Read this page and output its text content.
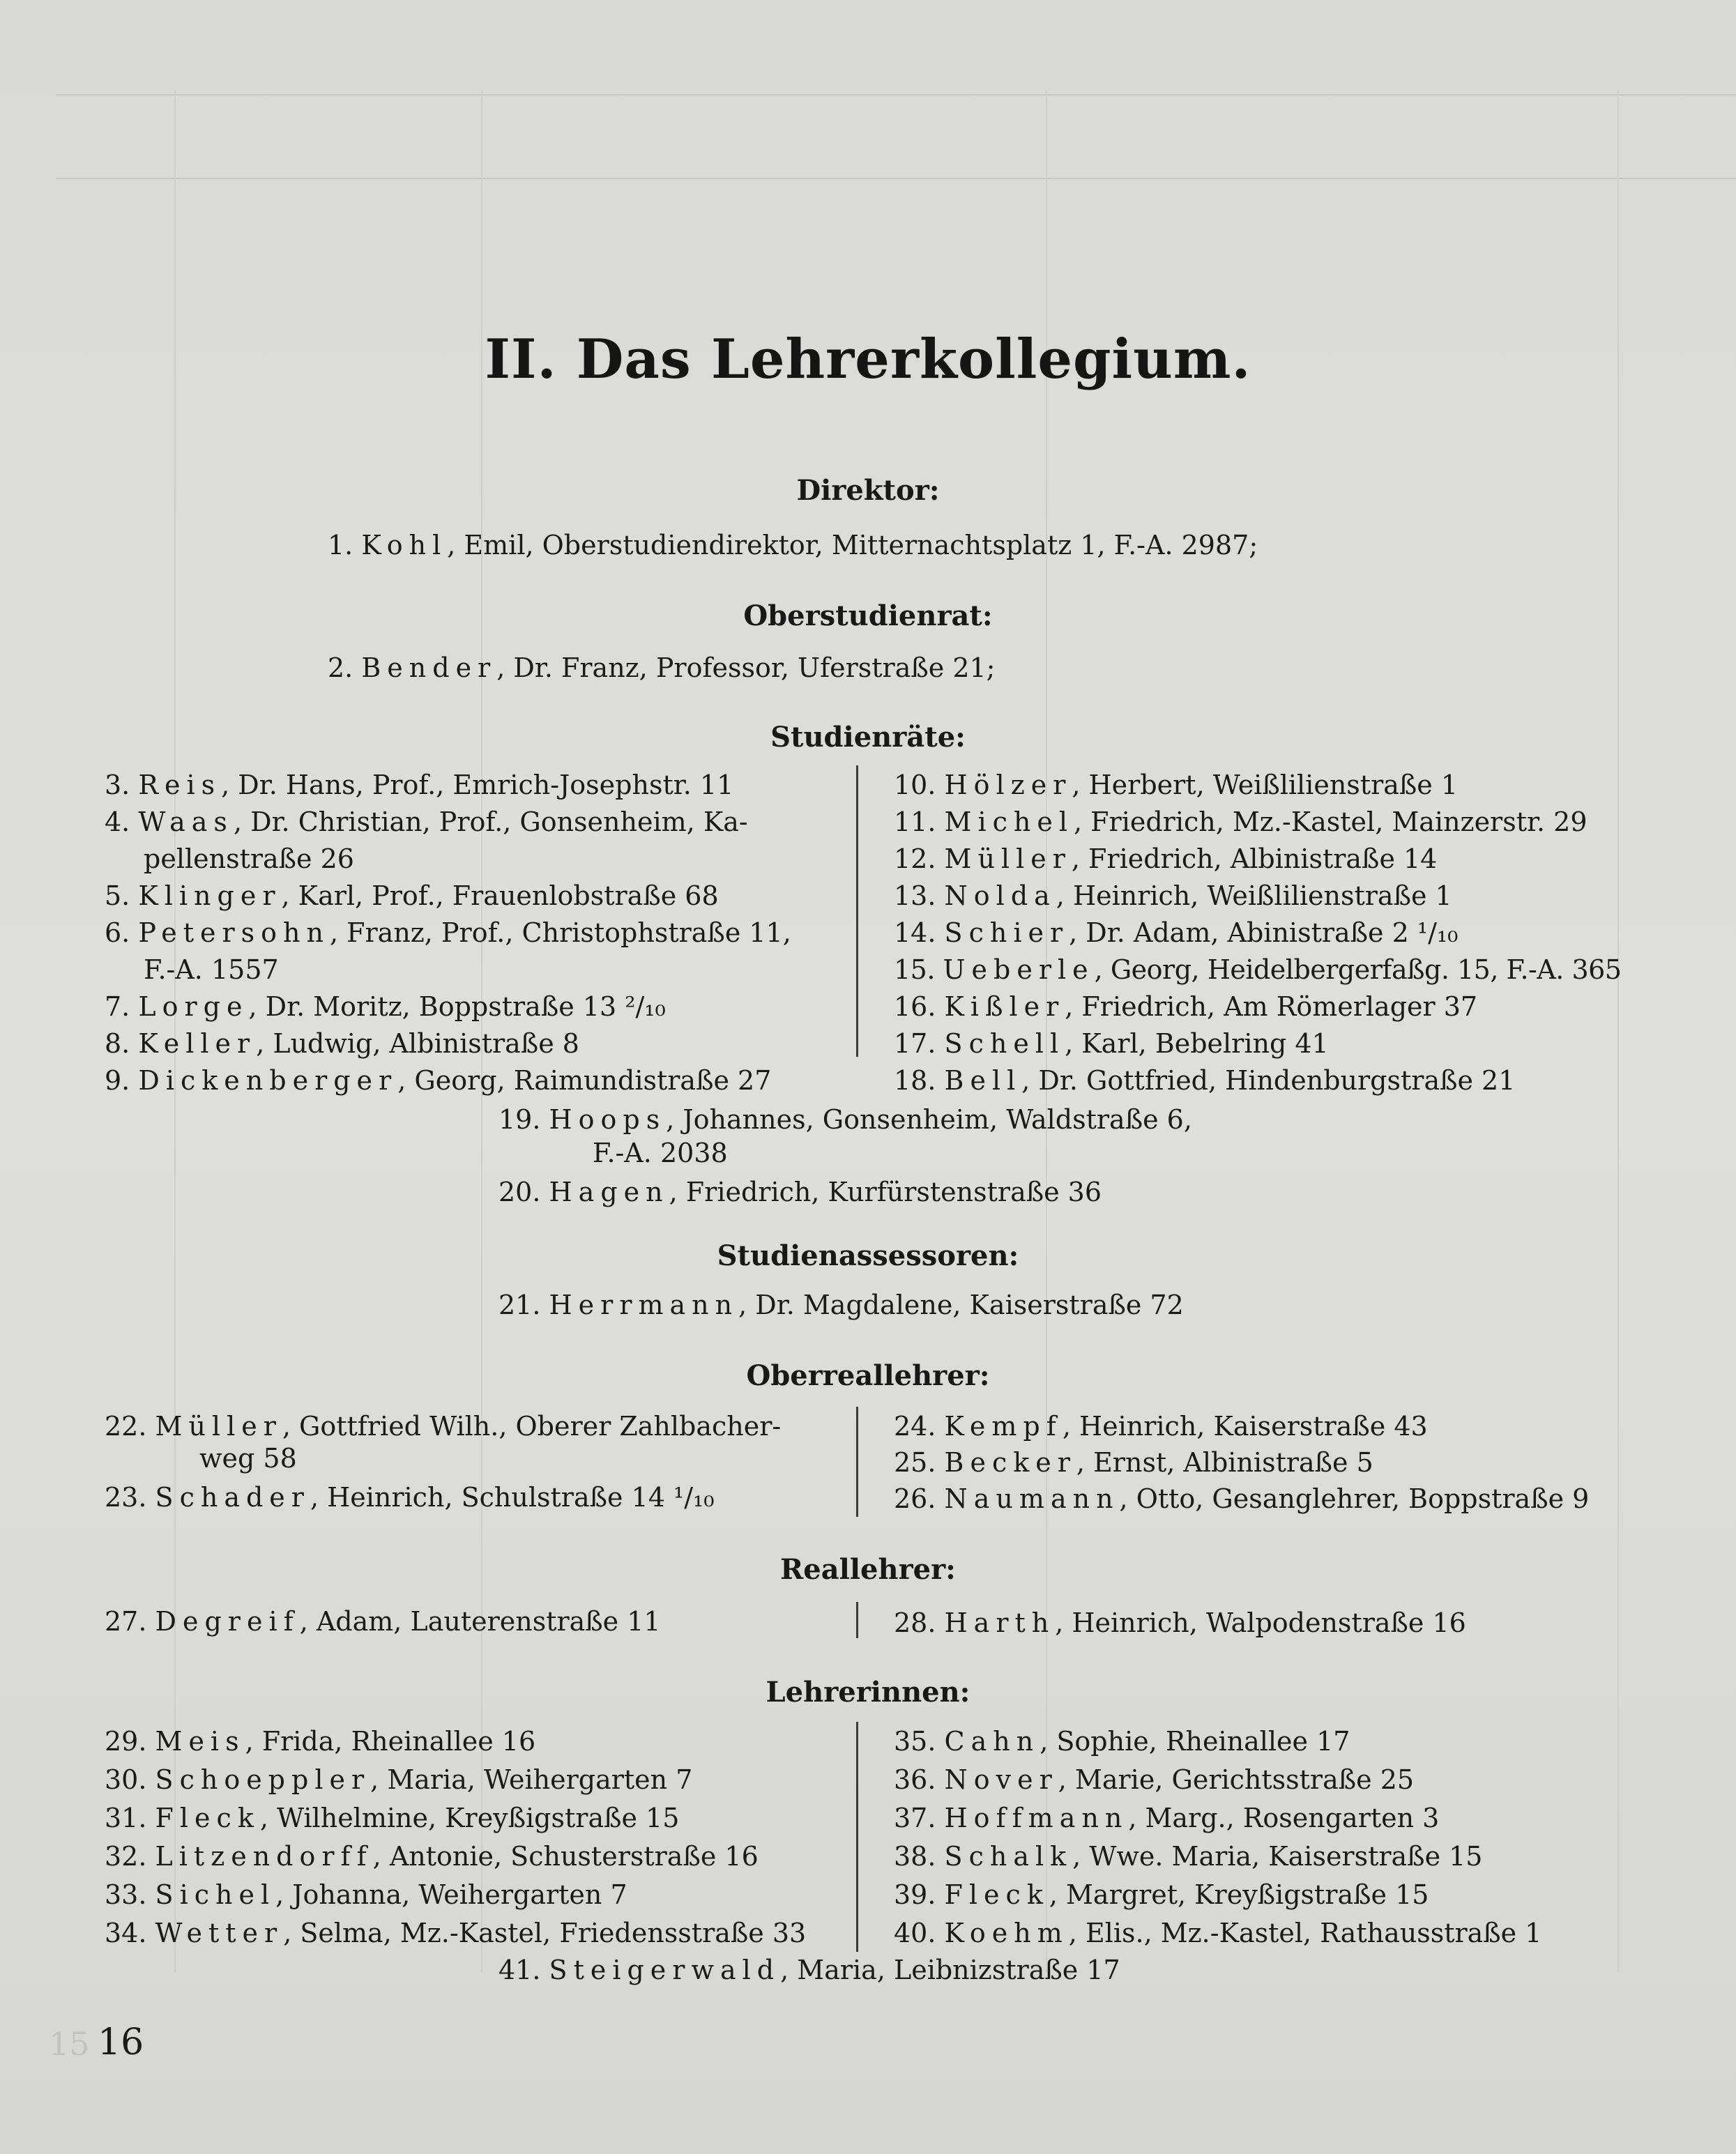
II. Das Lehrerkollegium.
Direktor:
1. Kohl, Emil, Oberstudiendirektor, Mitternachtsplatz 1, F.-A. 2987;
Oberstudienrat:
2. Bender, Dr. Franz, Professor, Uferstraße 21;
Studienräte:
3. Reis, Dr. Hans, Prof., Emrich-Josephstr. 11
4. Waas, Dr. Christian, Prof., Gonsenheim, Ka-
pellenstraße 26
5. Klinger, Karl, Prof., Frauenlobstraße 68
6. Petersohn, Franz, Prof., Christophstraße 11,
F.-A. 1557
7. Lorge, Dr. Moritz, Boppstraße 13 ²/₁₀
8. Keller, Ludwig, Albinistraße 8
9. Dickenberger, Georg, Raimundistraße 27
10. Hölzer, Herbert, Weißlilienstraße 1
11. Michel, Friedrich, Mz.-Kastel, Mainzerstr. 29
12. Müller, Friedrich, Albinistraße 14
13. Nolda, Heinrich, Weißlilienstraße 1
14. Schier, Dr. Adam, Abinistraße 2 ¹/₁₀
15. Ueberle, Georg, Heidelbergerfaßg. 15, F.-A. 365
16. Kißler, Friedrich, Am Römerlager 37
17. Schell, Karl, Bebelring 41
18. Bell, Dr. Gottfried, Hindenburgstraße 21
19. Hoops, Johannes, Gonsenheim, Waldstraße 6,
F.-A. 2038
20. Hagen, Friedrich, Kurfürstenstraße 36
Studienassessoren:
21. Herrmann, Dr. Magdalene, Kaiserstraße 72
Oberreallehrer:
22. Müller, Gottfried Wilh., Oberer Zahlbacher-
weg 58
23. Schader, Heinrich, Schulstraße 14 ¹/₁₀
24. Kempf, Heinrich, Kaiserstraße 43
25. Becker, Ernst, Albinistraße 5
26. Naumann, Otto, Gesanglehrer, Boppstraße 9
Reallehrer:
27. Degreif, Adam, Lauterenstraße 11	28. Harth, Heinrich, Walpodenstraße 16
Lehrerinnen:
29. Meis, Frida, Rheinallee 16
30. Schoeppler, Maria, Weihergarten 7
31. Fleck, Wilhelmine, Kreyßigstraße 15
32. Litzendorff, Antonie, Schusterstraße 16
33. Sichel, Johanna, Weihergarten 7
34. Wetter, Selma, Mz.-Kastel, Friedensstraße 33
35. Cahn, Sophie, Rheinallee 17
36. Nover, Marie, Gerichtsstraße 25
37. Hoffmann, Marg., Rosengarten 3
38. Schalk, Wwe. Maria, Kaiserstraße 15
39. Fleck, Margret, Kreyßigstraße 15
40. Koehm, Elis., Mz.-Kastel, Rathausstraße 1
41. Steigerwald, Maria, Leibnizstraße 17
15 16
